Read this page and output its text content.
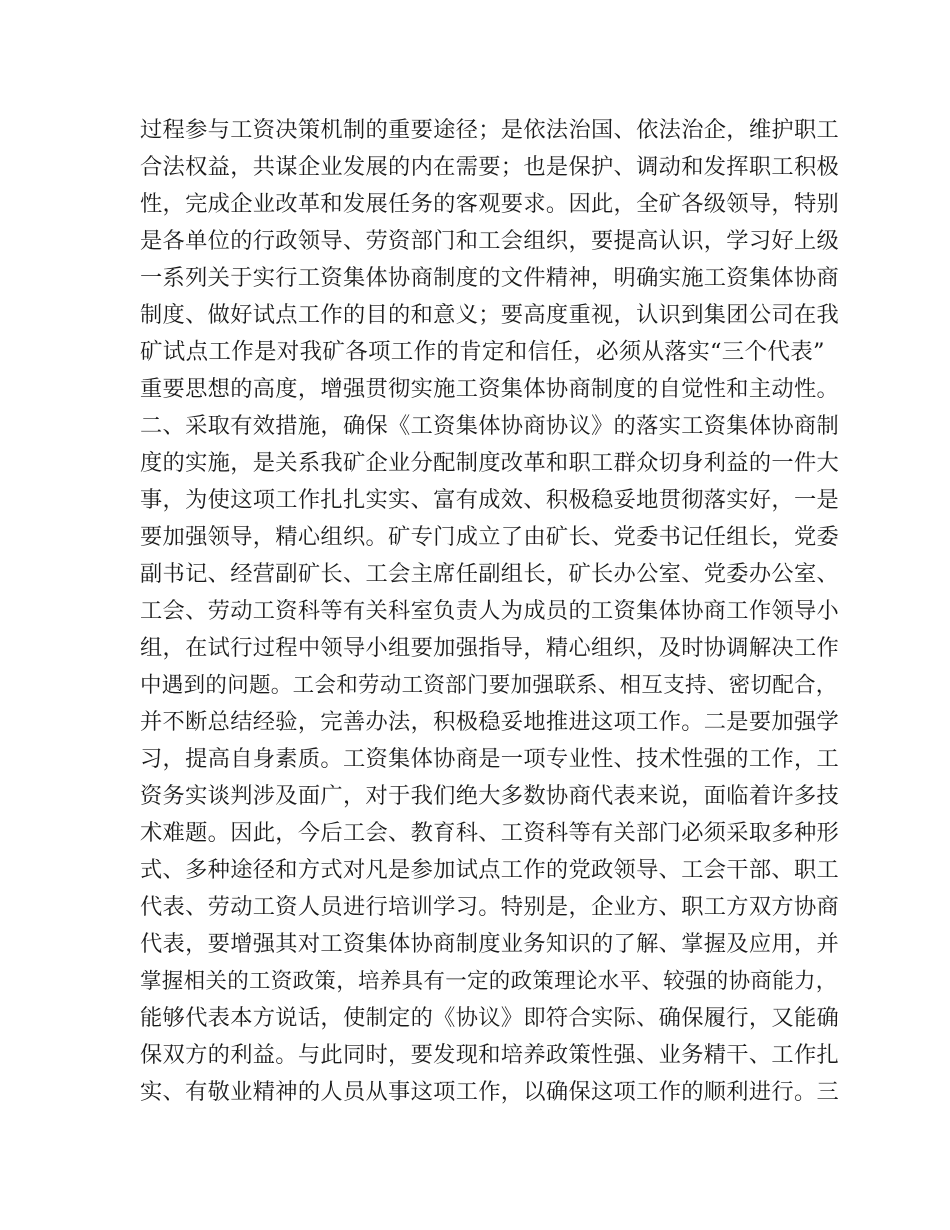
过程参与工资决策机制的重要途径；是依法治国、依法治企，维护职工
合法权益，共谋企业发展的内在需要；也是保护、调动和发挥职工积极
性，完成企业改革和发展任务的客观要求。因此，全矿各级领导，特别
是各单位的行政领导、劳资部门和工会组织，要提高认识，学习好上级
一系列关于实行工资集体协商制度的文件精神，明确实施工资集体协商
制度、做好试点工作的目的和意义；要高度重视，认识到集团公司在我
矿试点工作是对我矿各项工作的肯定和信任，必须从落实“三个代表”
重要思想的高度，增强贯彻实施工资集体协商制度的自觉性和主动性。
二、采取有效措施，确保《工资集体协商协议》的落实工资集体协商制
度的实施，是关系我矿企业分配制度改革和职工群众切身利益的一件大
事，为使这项工作扎扎实实、富有成效、积极稳妥地贯彻落实好，一是
要加强领导，精心组织。矿专门成立了由矿长、党委书记任组长，党委
副书记、经营副矿长、工会主席任副组长，矿长办公室、党委办公室、
工会、劳动工资科等有关科室负责人为成员的工资集体协商工作领导小
组，在试行过程中领导小组要加强指导，精心组织，及时协调解决工作
中遇到的问题。工会和劳动工资部门要加强联系、相互支持、密切配合，
并不断总结经验，完善办法，积极稳妥地推进这项工作。二是要加强学
习，提高自身素质。工资集体协商是一项专业性、技术性强的工作，工
资务实谈判涉及面广，对于我们绝大多数协商代表来说，面临着许多技
术难题。因此，今后工会、教育科、工资科等有关部门必须采取多种形
式、多种途径和方式对凡是参加试点工作的党政领导、工会干部、职工
代表、劳动工资人员进行培训学习。特别是，企业方、职工方双方协商
代表，要增强其对工资集体协商制度业务知识的了解、掌握及应用，并
掌握相关的工资政策，培养具有一定的政策理论水平、较强的协商能力，
能够代表本方说话，使制定的《协议》即符合实际、确保履行，又能确
保双方的利益。与此同时，要发现和培养政策性强、业务精干、工作扎
实、有敬业精神的人员从事这项工作，以确保这项工作的顺利进行。三
